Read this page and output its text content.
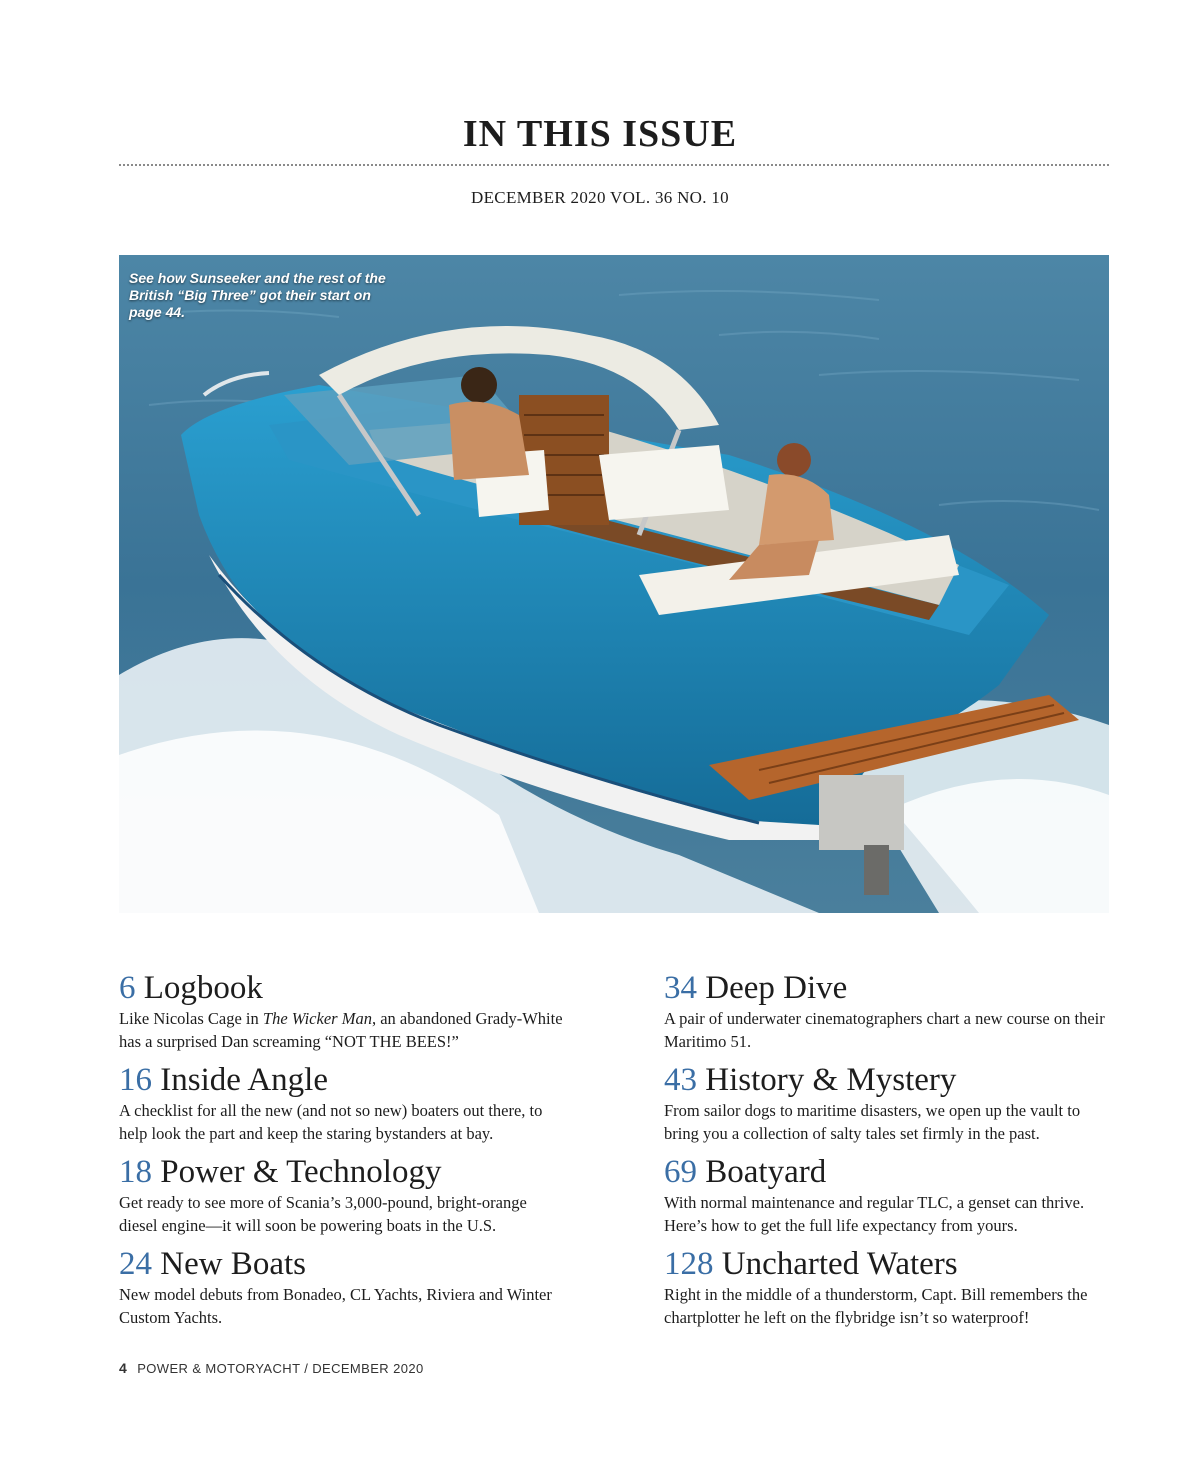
IN THIS ISSUE
DECEMBER 2020 VOL. 36 NO. 10
See how Sunseeker and the rest of the British “Big Three” got their start on page 44.
6 Logbook
Like Nicolas Cage in The Wicker Man, an abandoned Grady-White has a surprised Dan screaming “NOT THE BEES!”
16 Inside Angle
A checklist for all the new (and not so new) boaters out there, to help look the part and keep the staring bystanders at bay.
18 Power & Technology
Get ready to see more of Scania’s 3,000-pound, bright-orange diesel engine—it will soon be powering boats in the U.S.
24 New Boats
New model debuts from Bonadeo, CL Yachts, Riviera and Winter Custom Yachts.
34 Deep Dive
A pair of underwater cinematographers chart a new course on their Maritimo 51.
43 History & Mystery
From sailor dogs to maritime disasters, we open up the vault to bring you a collection of salty tales set firmly in the past.
69 Boatyard
With normal maintenance and regular TLC, a genset can thrive. Here’s how to get the full life expectancy from yours.
128 Uncharted Waters
Right in the middle of a thunderstorm, Capt. Bill remembers the chartplotter he left on the flybridge isn’t so waterproof!
4 POWER & MOTORYACHT / DECEMBER 2020
